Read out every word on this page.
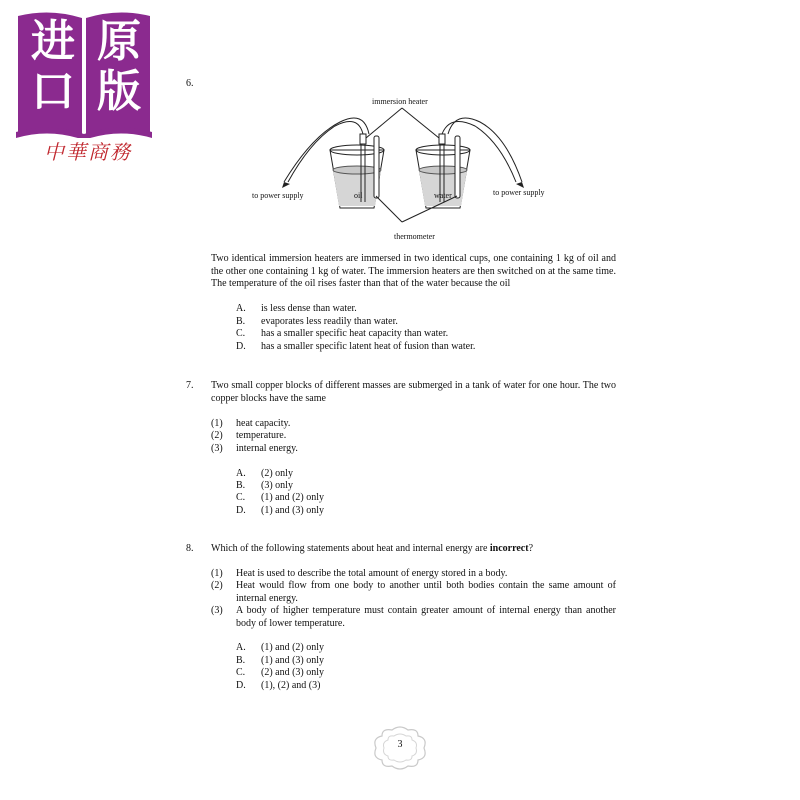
进 原
口 版
中華商務
6.
immersion heater
to power supply	to power supply
oil	water
thermometer
Two identical immersion heaters are immersed in two identical cups, one containing 1 kg of oil and the other one containing 1 kg of water. The immersion heaters are then switched on at the same time. The temperature of the oil rises faster than that of the water because the oil
A. is less dense than water.
B. evaporates less readily than water.
C. has a smaller specific heat capacity than water.
D. has a smaller specific latent heat of fusion than water.
7. Two small copper blocks of different masses are submerged in a tank of water for one hour. The two copper blocks have the same
(1) heat capacity.
(2) temperature.
(3) internal energy.
A. (2) only
B. (3) only
C. (1) and (2) only
D. (1) and (3) only
8. Which of the following statements about heat and internal energy are incorrect?
(1) Heat is used to describe the total amount of energy stored in a body.
(2) Heat would flow from one body to another until both bodies contain the same amount of internal energy.
(3) A body of higher temperature must contain greater amount of internal energy than another body of lower temperature.
A. (1) and (2) only
B. (1) and (3) only
C. (2) and (3) only
D. (1), (2) and (3)
3
